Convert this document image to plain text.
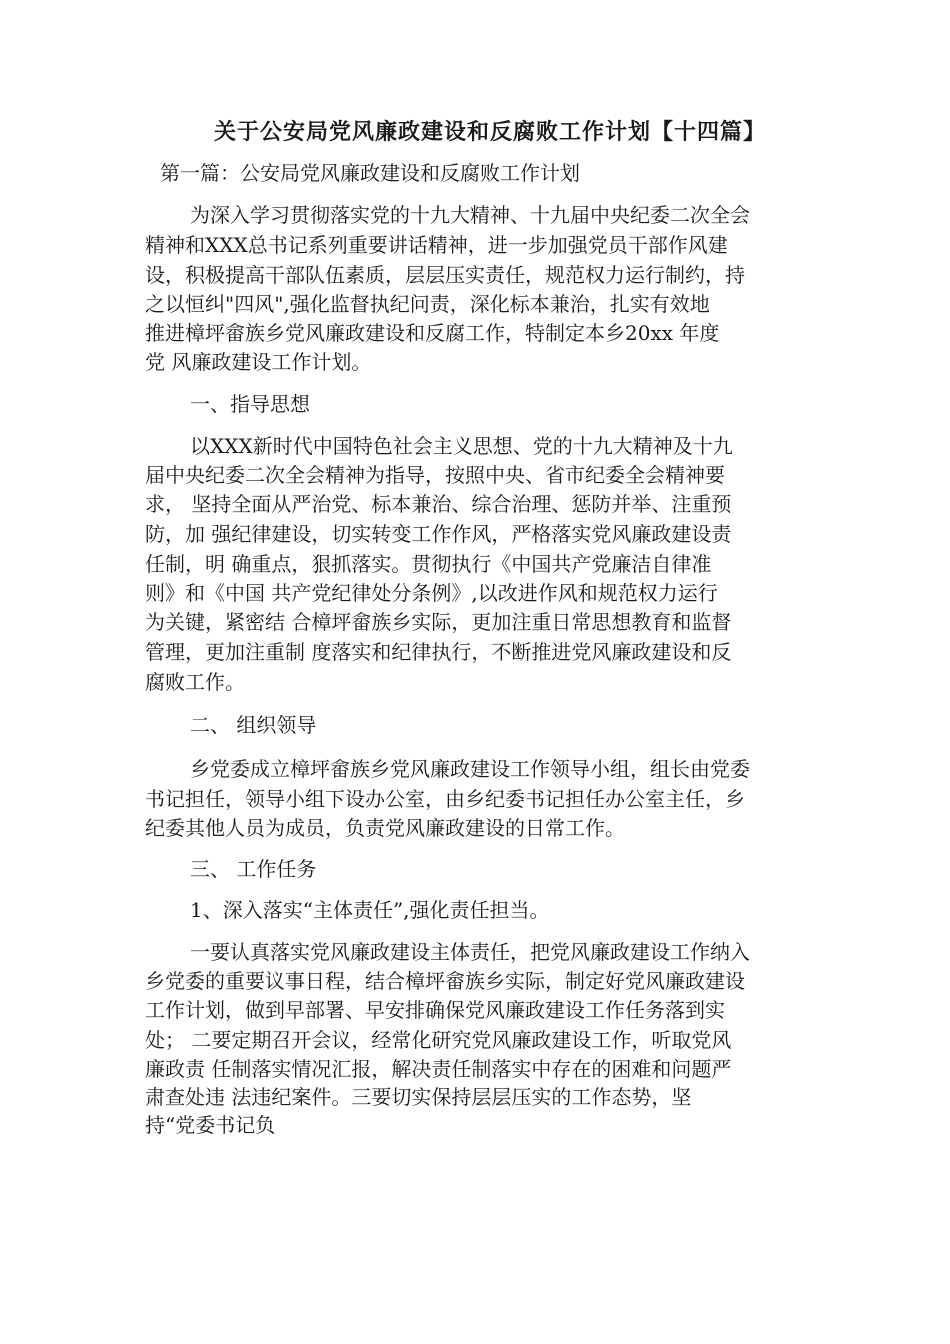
关于公安局党风廉政建设和反腐败工作计划【十四篇】
第一篇：公安局党风廉政建设和反腐败工作计划
为深入学习贯彻落实党的十九大精神、十九届中央纪委二次全会
精神和XXX总书记系列重要讲话精神，进一步加强党员干部作风建
设，积极提高干部队伍素质，层层压实责任，规范权力运行制约，持
之以恒纠"四风",强化监督执纪问责，深化标本兼治，扎实有效地
推进樟坪畲族乡党风廉政建设和反腐工作，特制定本乡20xx 年度
党 风廉政建设工作计划。
一、指导思想
以XXX新时代中国特色社会主义思想、党的十九大精神及十九
届中央纪委二次全会精神为指导，按照中央、省市纪委全会精神要
求， 坚持全面从严治党、标本兼治、综合治理、惩防并举、注重预
防，加 强纪律建设，切实转变工作作风，严格落实党风廉政建设责
任制，明 确重点，狠抓落实。贯彻执行《中国共产党廉洁自律准
则》和《中国 共产党纪律处分条例》,以改进作风和规范权力运行
为关键，紧密结 合樟坪畲族乡实际，更加注重日常思想教育和监督
管理，更加注重制 度落实和纪律执行，不断推进党风廉政建设和反
腐败工作。
二、 组织领导
乡党委成立樟坪畲族乡党风廉政建设工作领导小组，组长由党委
书记担任，领导小组下设办公室，由乡纪委书记担任办公室主任，乡
纪委其他人员为成员，负责党风廉政建设的日常工作。
三、 工作任务
1、深入落实“主体责任”,强化责任担当。
一要认真落实党风廉政建设主体责任，把党风廉政建设工作纳入
乡党委的重要议事日程，结合樟坪畲族乡实际，制定好党风廉政建设
工作计划，做到早部署、早安排确保党风廉政建设工作任务落到实
处； 二要定期召开会议，经常化研究党风廉政建设工作，听取党风
廉政责 任制落实情况汇报，解决责任制落实中存在的困难和问题严
肃查处违 法违纪案件。三要切实保持层层压实的工作态势，坚
持“党委书记负
